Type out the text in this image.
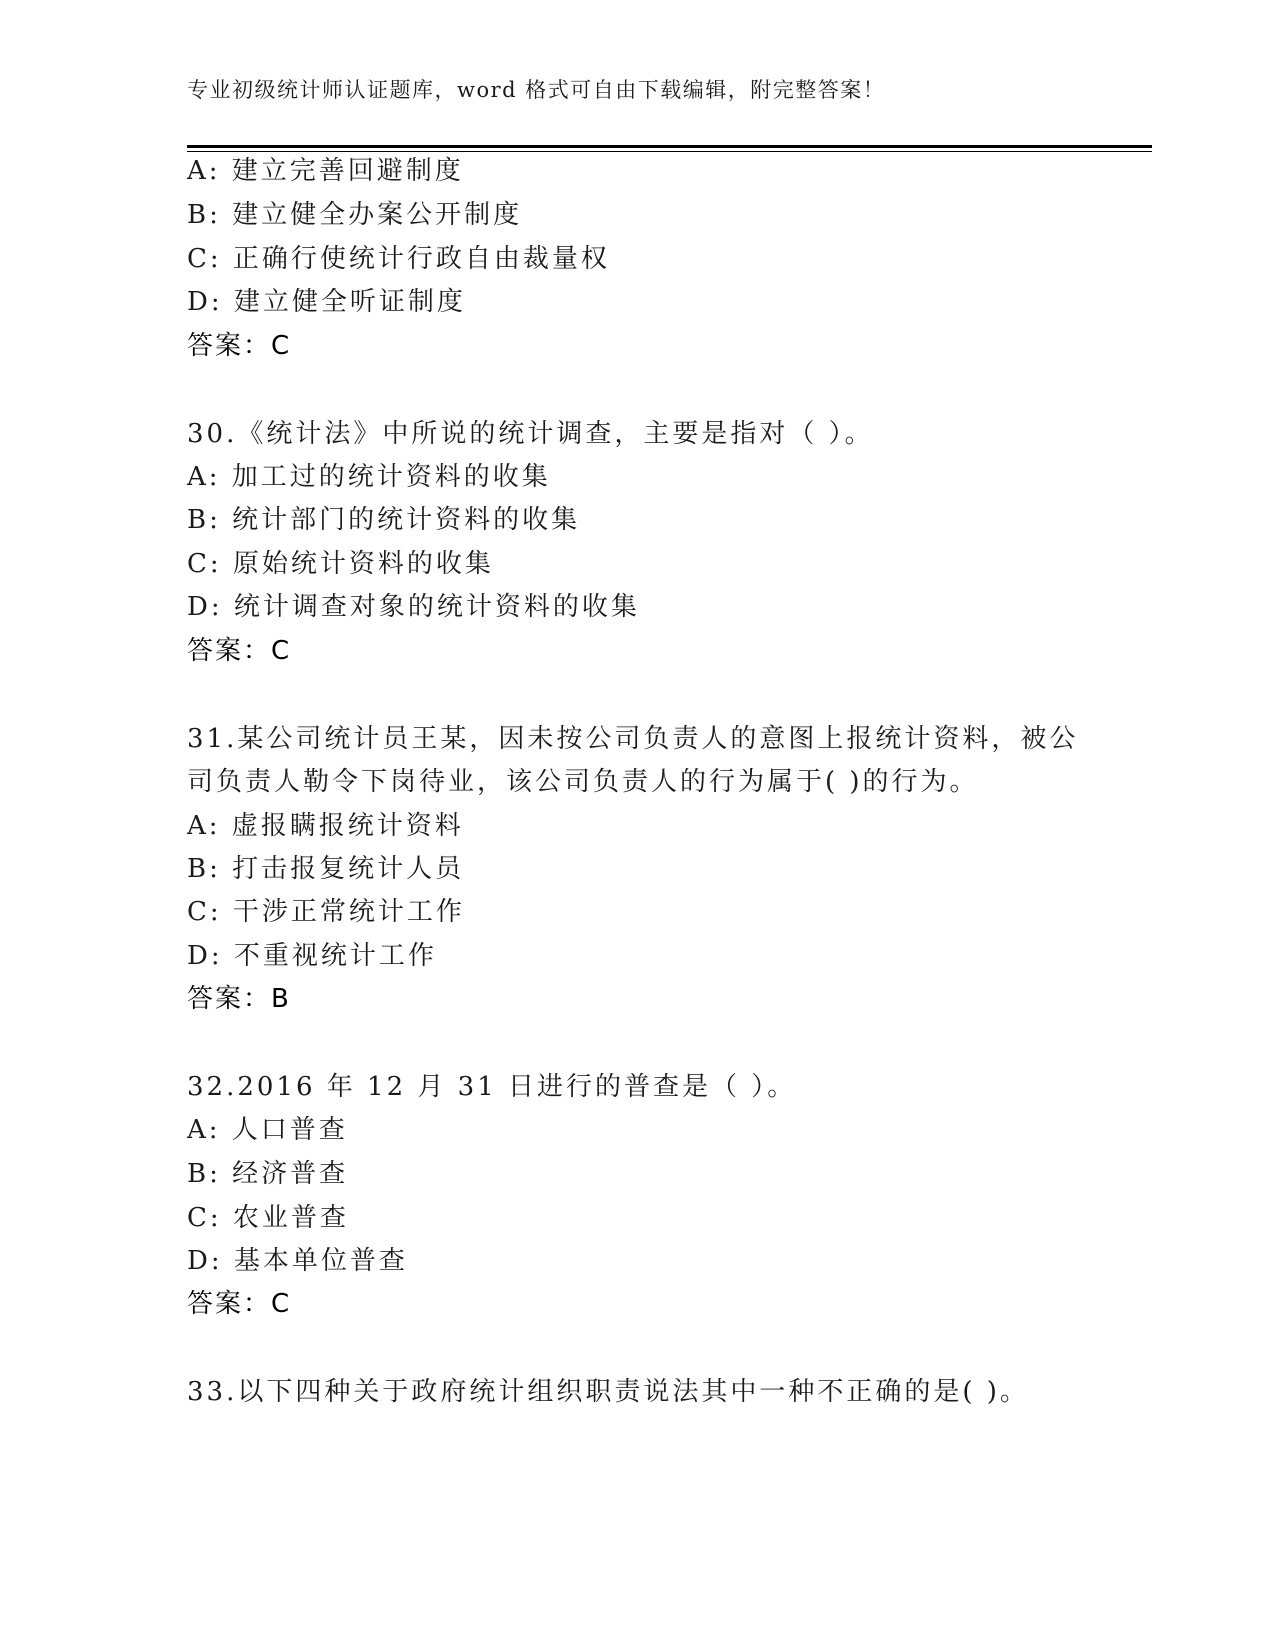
专业初级统计师认证题库，word 格式可自由下载编辑，附完整答案！
A: 建立完善回避制度
B: 建立健全办案公开制度
C: 正确行使统计行政自由裁量权
D: 建立健全听证制度
答案：C
30.《统计法》中所说的统计调查，主要是指对（ ）。
A: 加工过的统计资料的收集
B: 统计部门的统计资料的收集
C: 原始统计资料的收集
D: 统计调查对象的统计资料的收集
答案：C
31.某公司统计员王某，因未按公司负责人的意图上报统计资料，被公
司负责人勒令下岗待业，该公司负责人的行为属于( )的行为。
A: 虚报瞒报统计资料
B: 打击报复统计人员
C: 干涉正常统计工作
D: 不重视统计工作
答案：B
32.2016 年 12 月 31 日进行的普查是（ ）。
A: 人口普查
B: 经济普查
C: 农业普查
D: 基本单位普查
答案：C
33.以下四种关于政府统计组织职责说法其中一种不正确的是( )。
